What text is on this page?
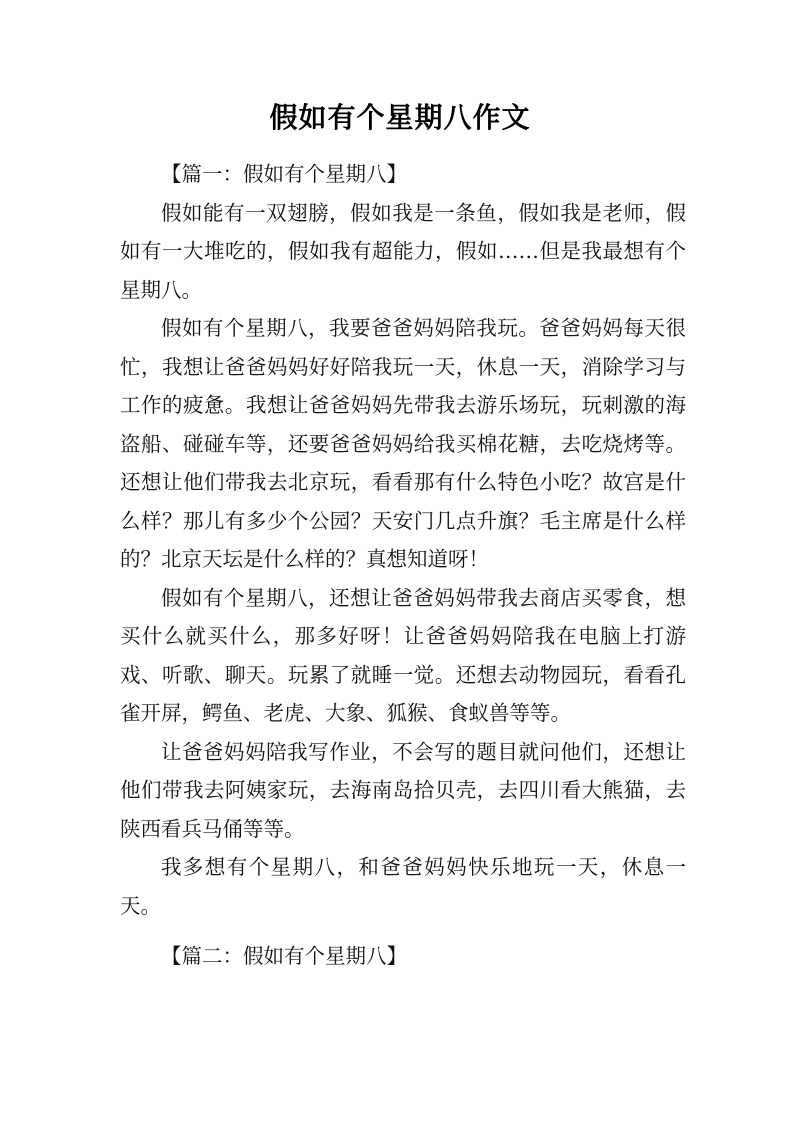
假如有个星期八作文

【篇一：假如有个星期八】

假如能有一双翅膀，假如我是一条鱼，假如我是老师，假如有一大堆吃的，假如我有超能力，假如……但是我最想有个星期八。

假如有个星期八，我要爸爸妈妈陪我玩。爸爸妈妈每天很忙，我想让爸爸妈妈好好陪我玩一天，休息一天，消除学习与工作的疲惫。我想让爸爸妈妈先带我去游乐场玩，玩刺激的海盗船、碰碰车等，还要爸爸妈妈给我买棉花糖，去吃烧烤等。还想让他们带我去北京玩，看看那有什么特色小吃？故宫是什么样？那儿有多少个公园？天安门几点升旗？毛主席是什么样的？北京天坛是什么样的？真想知道呀！

假如有个星期八，还想让爸爸妈妈带我去商店买零食，想买什么就买什么，那多好呀！让爸爸妈妈陪我在电脑上打游戏、听歌、聊天。玩累了就睡一觉。还想去动物园玩，看看孔雀开屏，鳄鱼、老虎、大象、狐猴、食蚁兽等等。

让爸爸妈妈陪我写作业，不会写的题目就问他们，还想让他们带我去阿姨家玩，去海南岛拾贝壳，去四川看大熊猫，去陕西看兵马俑等等。

我多想有个星期八，和爸爸妈妈快乐地玩一天，休息一天。

【篇二：假如有个星期八】
